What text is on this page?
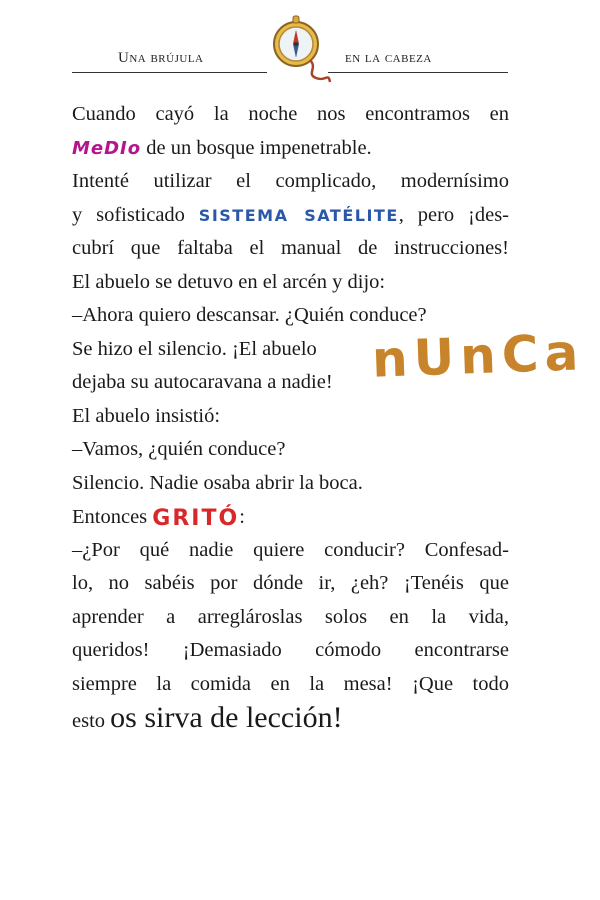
Una brújula	en la cabeza
Cuando cayó la noche nos encontramos en
MeDIo de un bosque impenetrable.
Intenté utilizar el complicado, modernísimo
y sofisticado SISTEMA SATÉLITE, pero ¡des-
cubrí que faltaba el manual de instrucciones!
El abuelo se detuvo en el arcén y dijo:
–Ahora quiero descansar. ¿Quién conduce?
Se hizo el silencio. ¡El abuelo
dejaba su autocaravana a nadie!
El abuelo insistió:
–Vamos, ¿quién conduce?
Silencio. Nadie osaba abrir la boca.
Entonces GRITÓ:
–¿Por qué nadie quiere conducir? Confesad-
lo, no sabéis por dónde ir, ¿eh? ¡Tenéis que
aprender a arreglároslas solos en la vida,
queridos! ¡Demasiado cómodo encontrarse
siempre la comida en la mesa! ¡Que todo
esto os sirva de lección!
nUnCa
